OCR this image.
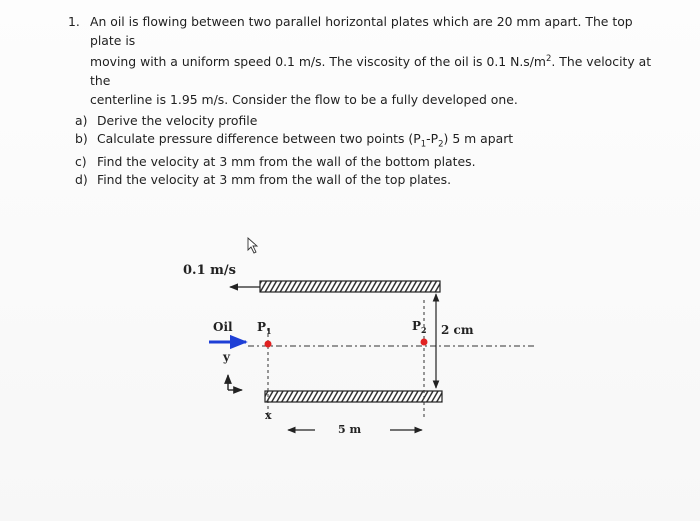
1. An oil is flowing between two parallel horizontal plates which are 20 mm apart. The top plate is
moving with a uniform speed 0.1 m/s. The viscosity of the oil is 0.1 $N.s/m^2$. The velocity at the
centerline is 1.95 m/s. Consider the flow to be a fully developed one.
a) Derive the velocity profile
b) Calculate pressure difference between two points $(P_1-P_2)$ 5 m apart
c) Find the velocity at 3 mm from the wall of the bottom plates.
d) Find the velocity at 3 mm from the wall of the top plates.
0.1 m/s
2 cm
Oil $P_1$	$P_2$
y
x
5 m
